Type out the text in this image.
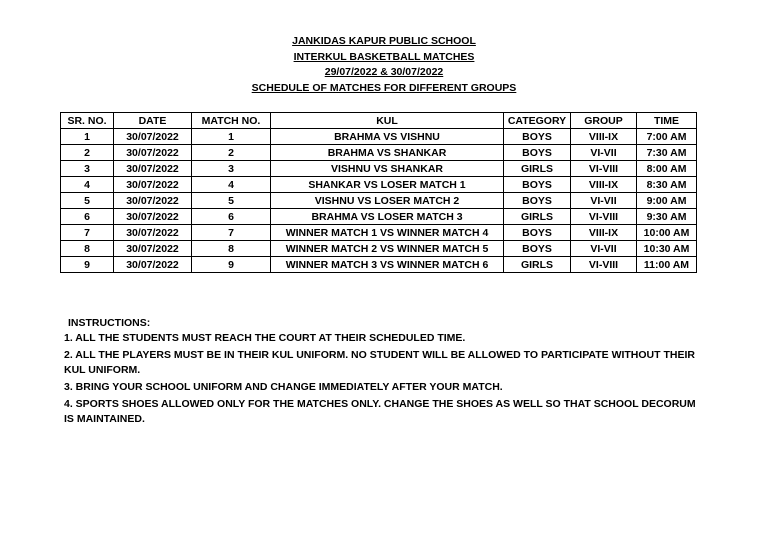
JANKIDAS KAPUR PUBLIC SCHOOL
INTERKUL BASKETBALL MATCHES
29/07/2022 & 30/07/2022
SCHEDULE OF MATCHES FOR DIFFERENT GROUPS
SR. NO.	DATE	MATCH NO.	KUL	CATEGORY	GROUP	TIME
1	30/07/2022	1	BRAHMA VS VISHNU	BOYS	VIII-IX	7:00 AM
2	30/07/2022	2	BRAHMA VS SHANKAR	BOYS	VI-VII	7:30 AM
3	30/07/2022	3	VISHNU VS SHANKAR	GIRLS	VI-VIII	8:00 AM
4	30/07/2022	4	SHANKAR VS LOSER MATCH 1	BOYS	VIII-IX	8:30 AM
5	30/07/2022	5	VISHNU VS LOSER MATCH 2	BOYS	VI-VII	9:00 AM
6	30/07/2022	6	BRAHMA VS LOSER MATCH 3	GIRLS	VI-VIII	9:30 AM
7	30/07/2022	7	WINNER MATCH 1 VS WINNER MATCH 4	BOYS	VIII-IX	10:00 AM
8	30/07/2022	8	WINNER MATCH 2 VS WINNER MATCH 5	BOYS	VI-VII	10:30 AM
9	30/07/2022	9	WINNER MATCH 3 VS WINNER MATCH 6	GIRLS	VI-VIII	11:00 AM
INSTRUCTIONS:

1. ALL THE STUDENTS MUST REACH THE COURT AT THEIR SCHEDULED TIME.

2. ALL THE PLAYERS MUST BE IN THEIR KUL UNIFORM. NO STUDENT WILL BE ALLOWED TO PARTICIPATE WITHOUT THEIR KUL UNIFORM.

3. BRING YOUR SCHOOL UNIFORM AND CHANGE IMMEDIATELY AFTER YOUR MATCH.

4. SPORTS SHOES ALLOWED ONLY FOR THE MATCHES ONLY. CHANGE THE SHOES AS WELL SO THAT SCHOOL DECORUM IS MAINTAINED.
